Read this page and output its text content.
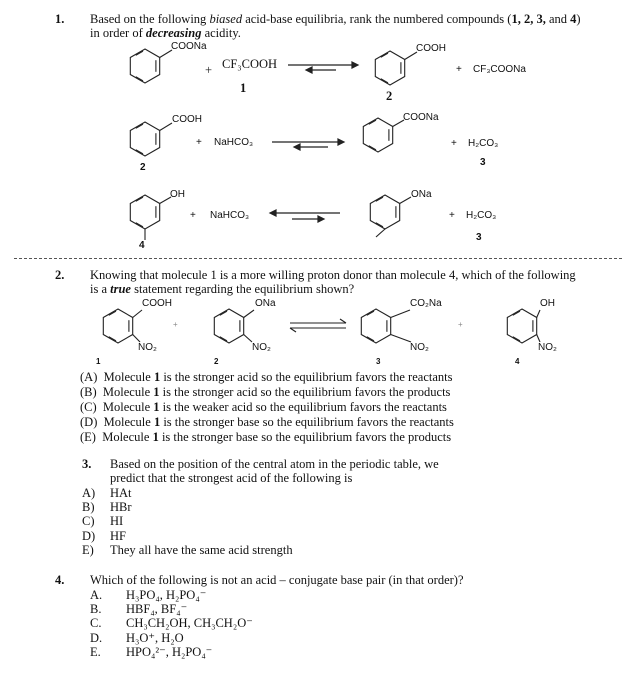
1. Based on the following biased acid-base equilibria, rank the numbered compounds (1, 2, 3, and 4)
in order of decreasing acidity.
COONa
+ CF₃COOH
1
COOH
2
+ CF₃COONa
COOH
2
+ NaHCO₃
COONa
+ H₂CO₃
3
OH
4
+ NaHCO₃
ONa
+ H₂CO₃
3
2. Knowing that molecule 1 is a more willing proton donor than molecule 4, which of the following
is a true statement regarding the equilibrium shown?
COOH
NO₂
1
+
ONa
NO₂
2
CO₂Na
NO₂
3
+
OH
NO₂
4
(A) Molecule 1 is the stronger acid so the equilibrium favors the reactants
(B) Molecule 1 is the stronger acid so the equilibrium favors the products
(C) Molecule 1 is the weaker acid so the equilibrium favors the reactants
(D) Molecule 1 is the stronger base so the equilibrium favors the reactants
(E) Molecule 1 is the stronger base so the equilibrium favors the products
3. Based on the position of the central atom in the periodic table, we
predict that the strongest acid of the following is
A) HAt
B) HBr
C) HI
D) HF
E) They all have the same acid strength
4. Which of the following is not an acid – conjugate base pair (in that order)?
A. H₃PO₄, H₂PO₄⁻
B. HBF₄, BF₄⁻
C. CH₃CH₂OH, CH₃CH₂O⁻
D. H₃O⁺, H₂O
E. HPO₄²⁻, H₂PO₄⁻
